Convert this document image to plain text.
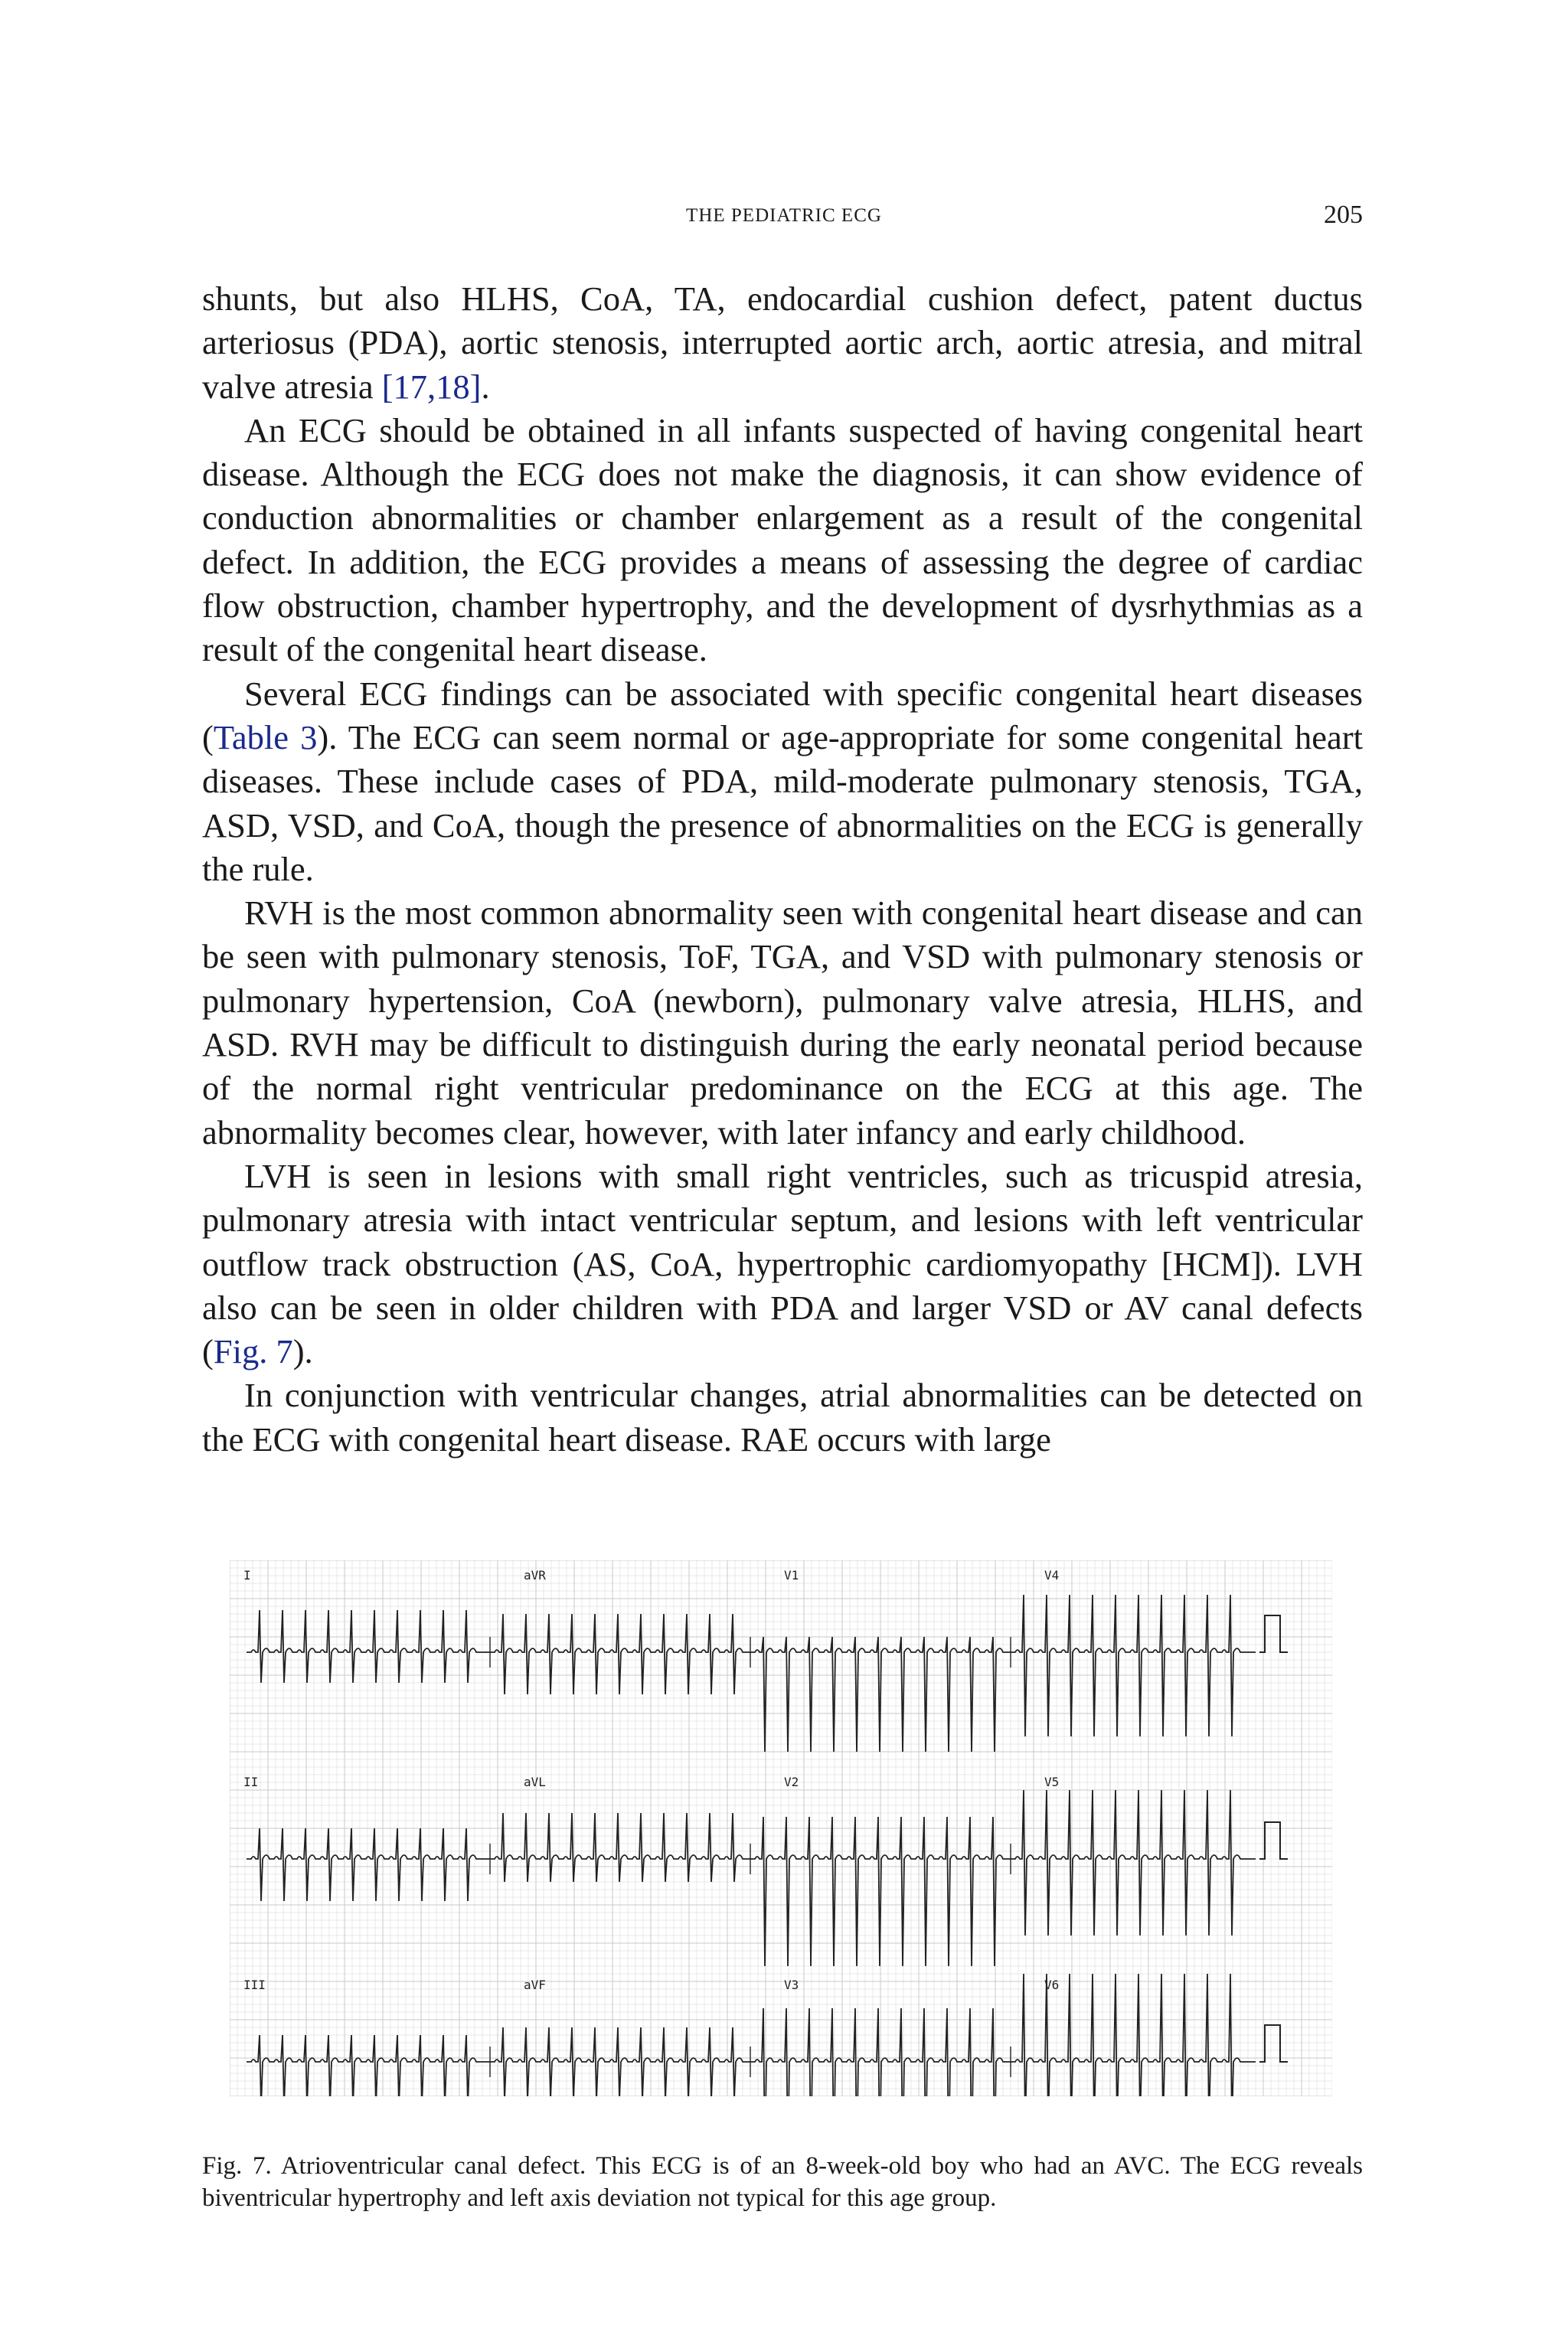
THE PEDIATRIC ECG	205

shunts, but also HLHS, CoA, TA, endocardial cushion defect, patent ductus arteriosus (PDA), aortic stenosis, interrupted aortic arch, aortic atresia, and mitral valve atresia [17,18].

An ECG should be obtained in all infants suspected of having congenital heart disease. Although the ECG does not make the diagnosis, it can show evidence of conduction abnormalities or chamber enlargement as a result of the congenital defect. In addition, the ECG provides a means of assessing the degree of cardiac flow obstruction, chamber hypertrophy, and the development of dysrhythmias as a result of the congenital heart disease.

Several ECG findings can be associated with specific congenital heart diseases (Table 3). The ECG can seem normal or age-appropriate for some congenital heart diseases. These include cases of PDA, mild-moderate pulmonary stenosis, TGA, ASD, VSD, and CoA, though the presence of abnormalities on the ECG is generally the rule.

RVH is the most common abnormality seen with congenital heart disease and can be seen with pulmonary stenosis, ToF, TGA, and VSD with pulmonary stenosis or pulmonary hypertension, CoA (newborn), pulmonary valve atresia, HLHS, and ASD. RVH may be difficult to distinguish during the early neonatal period because of the normal right ventricular predominance on the ECG at this age. The abnormality becomes clear, however, with later infancy and early childhood.

LVH is seen in lesions with small right ventricles, such as tricuspid atresia, pulmonary atresia with intact ventricular septum, and lesions with left ventricular outflow track obstruction (AS, CoA, hypertrophic cardiomyopathy [HCM]). LVH also can be seen in older children with PDA and larger VSD or AV canal defects (Fig. 7).

In conjunction with ventricular changes, atrial abnormalities can be detected on the ECG with congenital heart disease. RAE occurs with large

I	aVR	V1	V4
II	aVL	V2	V5
III	aVF	V3	V6
Fig. 7. Atrioventricular canal defect. This ECG is of an 8-week-old boy who had an AVC. The ECG reveals biventricular hypertrophy and left axis deviation not typical for this age group.
